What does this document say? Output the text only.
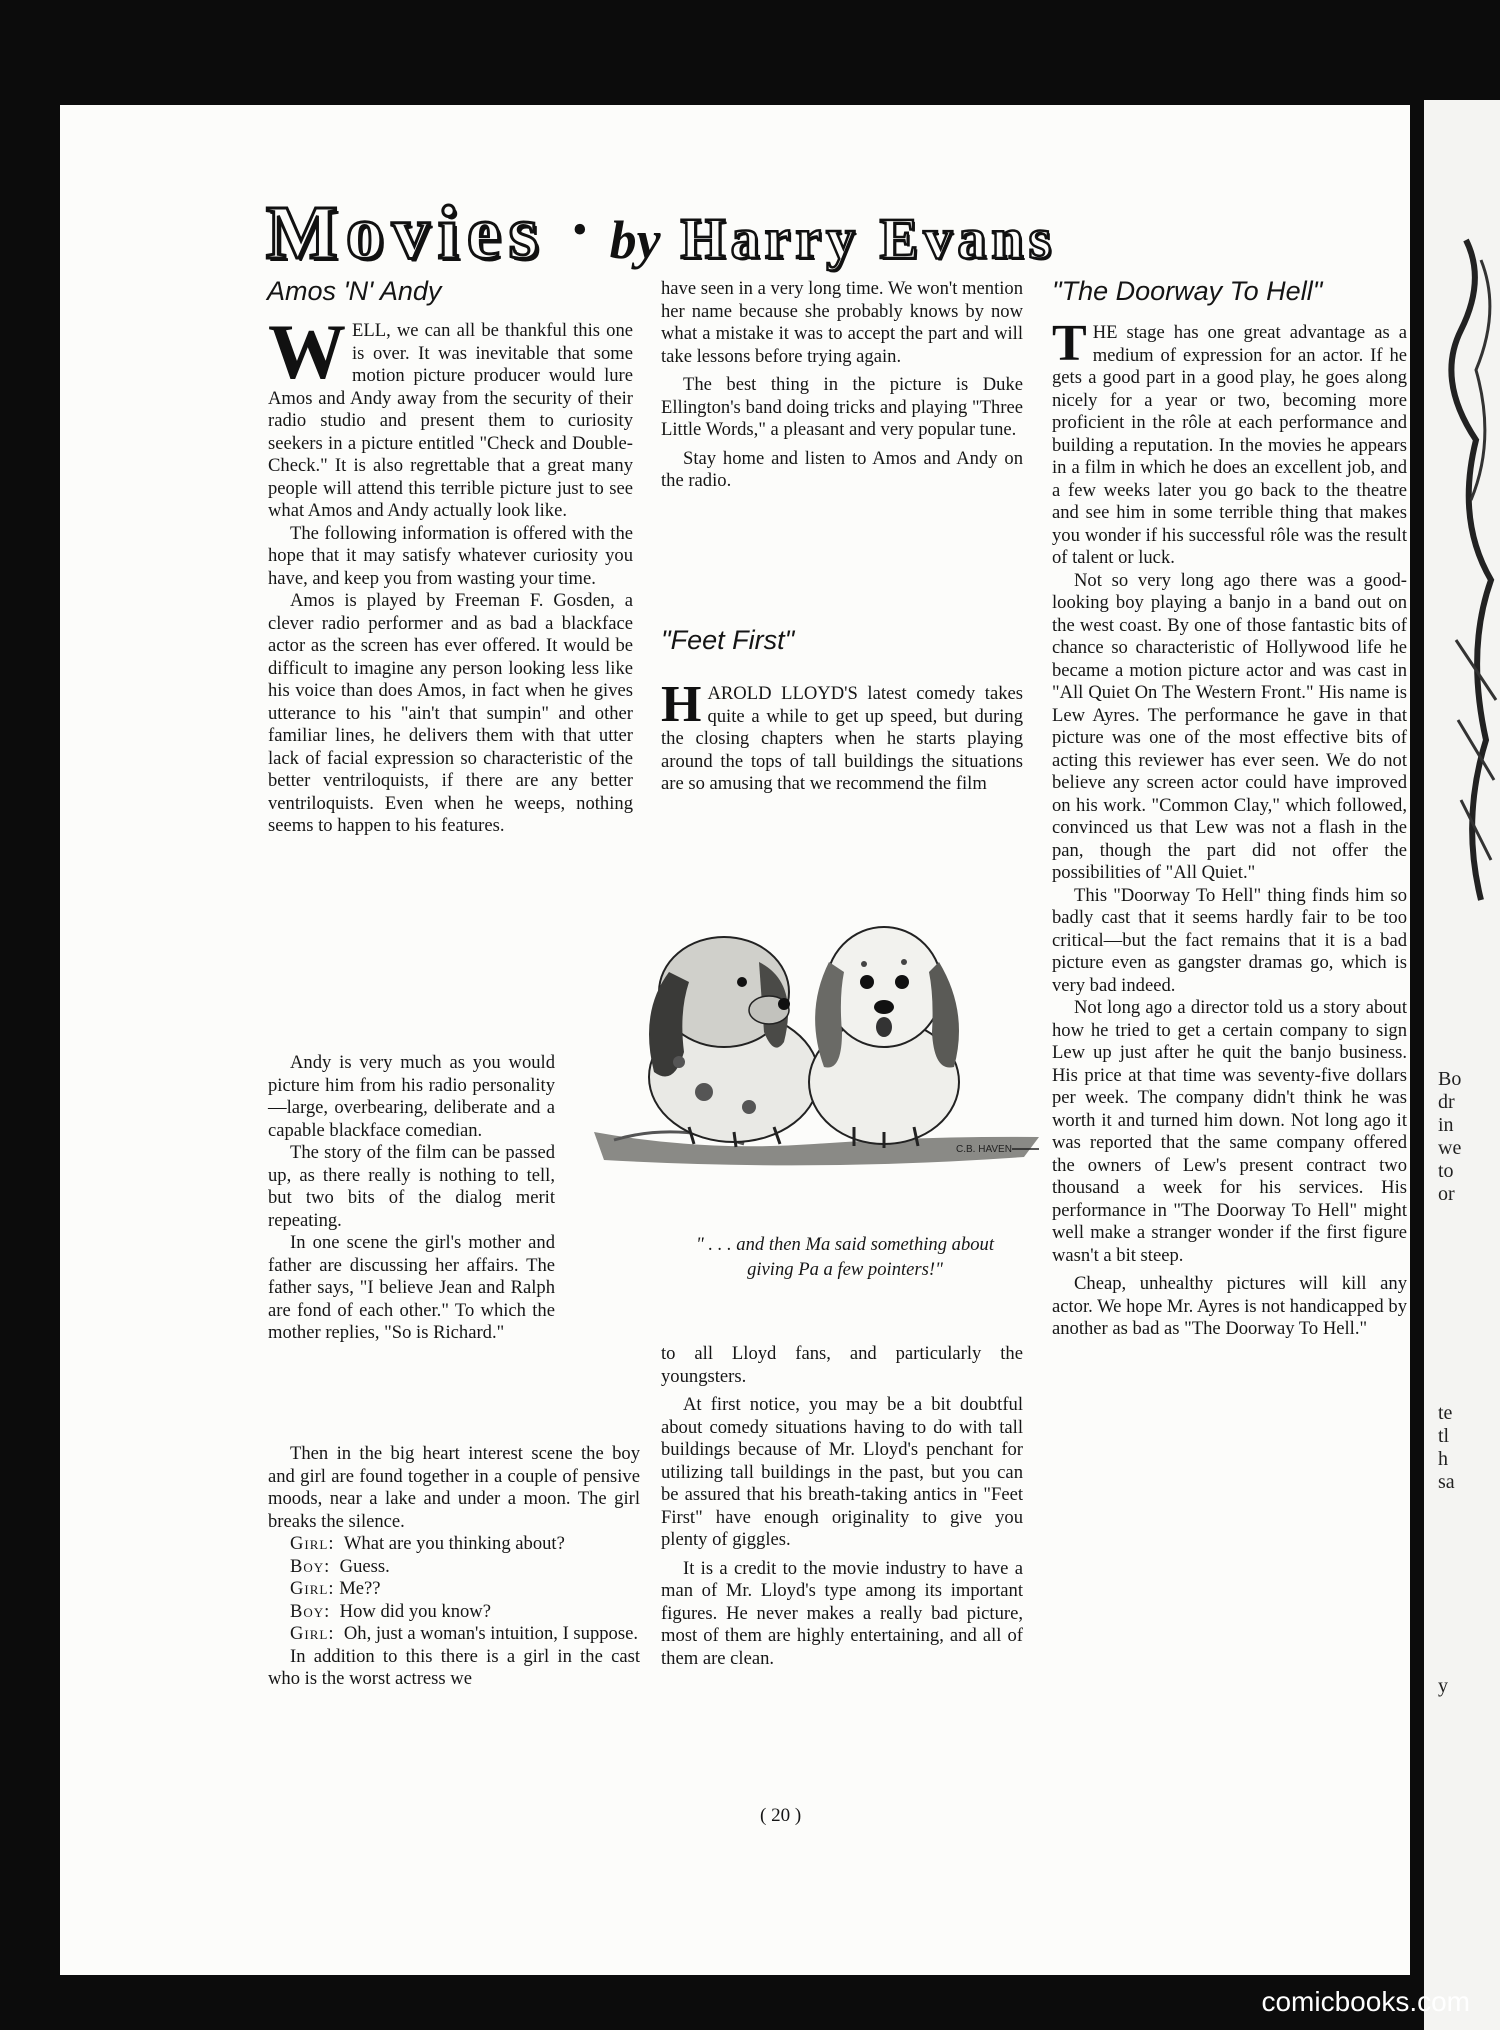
Bo
dr
in
we
to
or
te
tl
h
sa
y
Movies • by Harry Evans
Amos 'N' Andy

WELL, we can all be thankful this one is over. It was inevitable that some motion picture producer would lure Amos and Andy away from the security of their radio studio and present them to curiosity seekers in a picture entitled "Check and Double-Check." It is also regrettable that a great many people will attend this terrible picture just to see what Amos and Andy actually look like.

The following information is offered with the hope that it may satisfy whatever curiosity you have, and keep you from wasting your time.

Amos is played by Freeman F. Gosden, a clever radio performer and as bad a blackface actor as the screen has ever offered. It would be difficult to imagine any person looking less like his voice than does Amos, in fact when he gives utterance to his "ain't that sumpin" and other familiar lines, he delivers them with that utter lack of facial expression so characteristic of the better ventriloquists, if there are any better ventriloquists. Even when he weeps, nothing seems to happen to his features.

Andy is very much as you would picture him from his radio personality—large, overbearing, deliberate and a capable blackface comedian.

The story of the film can be passed up, as there really is nothing to tell, but two bits of the dialog merit repeating.

In one scene the girl's mother and father are discussing her affairs. The father says, "I believe Jean and Ralph are fond of each other." To which the mother replies, "So is Richard."

Then in the big heart interest scene the boy and girl are found together in a couple of pensive moods, near a lake and under a moon. The girl breaks the silence.

Girl: What are you thinking about?

Boy: Guess.

Girl: Me??

Boy: How did you know?

Girl: Oh, just a woman's intuition, I suppose.

In addition to this there is a girl in the cast who is the worst actress we

have seen in a very long time. We won't mention her name because she probably knows by now what a mistake it was to accept the part and will take lessons before trying again.

The best thing in the picture is Duke Ellington's band doing tricks and playing "Three Little Words," a pleasant and very popular tune.

Stay home and listen to Amos and Andy on the radio.

"Feet First"

HAROLD LLOYD'S latest comedy takes quite a while to get up speed, but during the closing chapters when he starts playing around the tops of tall buildings the situations are so amusing that we recommend the film

C.B. HAVEN
" . . . and then Ma said something about
giving Pa a few pointers!"

to all Lloyd fans, and particularly the youngsters.

At first notice, you may be a bit doubtful about comedy situations having to do with tall buildings because of Mr. Lloyd's penchant for utilizing tall buildings in the past, but you can be assured that his breath-taking antics in "Feet First" have enough originality to give you plenty of giggles.

It is a credit to the movie industry to have a man of Mr. Lloyd's type among its important figures. He never makes a really bad picture, most of them are highly entertaining, and all of them are clean.

"The Doorway To Hell"

THE stage has one great advantage as a medium of expression for an actor. If he gets a good part in a good play, he goes along nicely for a year or two, becoming more proficient in the rôle at each performance and building a reputation. In the movies he appears in a film in which he does an excellent job, and a few weeks later you go back to the theatre and see him in some terrible thing that makes you wonder if his successful rôle was the result of talent or luck.

Not so very long ago there was a good-looking boy playing a banjo in a band out on the west coast. By one of those fantastic bits of chance so characteristic of Hollywood life he became a motion picture actor and was cast in "All Quiet On The Western Front." His name is Lew Ayres. The performance he gave in that picture was one of the most effective bits of acting this reviewer has ever seen. We do not believe any screen actor could have improved on his work. "Common Clay," which followed, convinced us that Lew was not a flash in the pan, though the part did not offer the possibilities of "All Quiet."

This "Doorway To Hell" thing finds him so badly cast that it seems hardly fair to be too critical—but the fact remains that it is a bad picture even as gangster dramas go, which is very bad indeed.

Not long ago a director told us a story about how he tried to get a certain company to sign Lew up just after he quit the banjo business. His price at that time was seventy-five dollars per week. The company didn't think he was worth it and turned him down. Not long ago it was reported that the same company offered the owners of Lew's present contract two thousand a week for his services. His performance in "The Doorway To Hell" might well make a stranger wonder if the first figure wasn't a bit steep.

Cheap, unhealthy pictures will kill any actor. We hope Mr. Ayres is not handicapped by another as bad as "The Doorway To Hell."

( 20 )
comicbooks.com
